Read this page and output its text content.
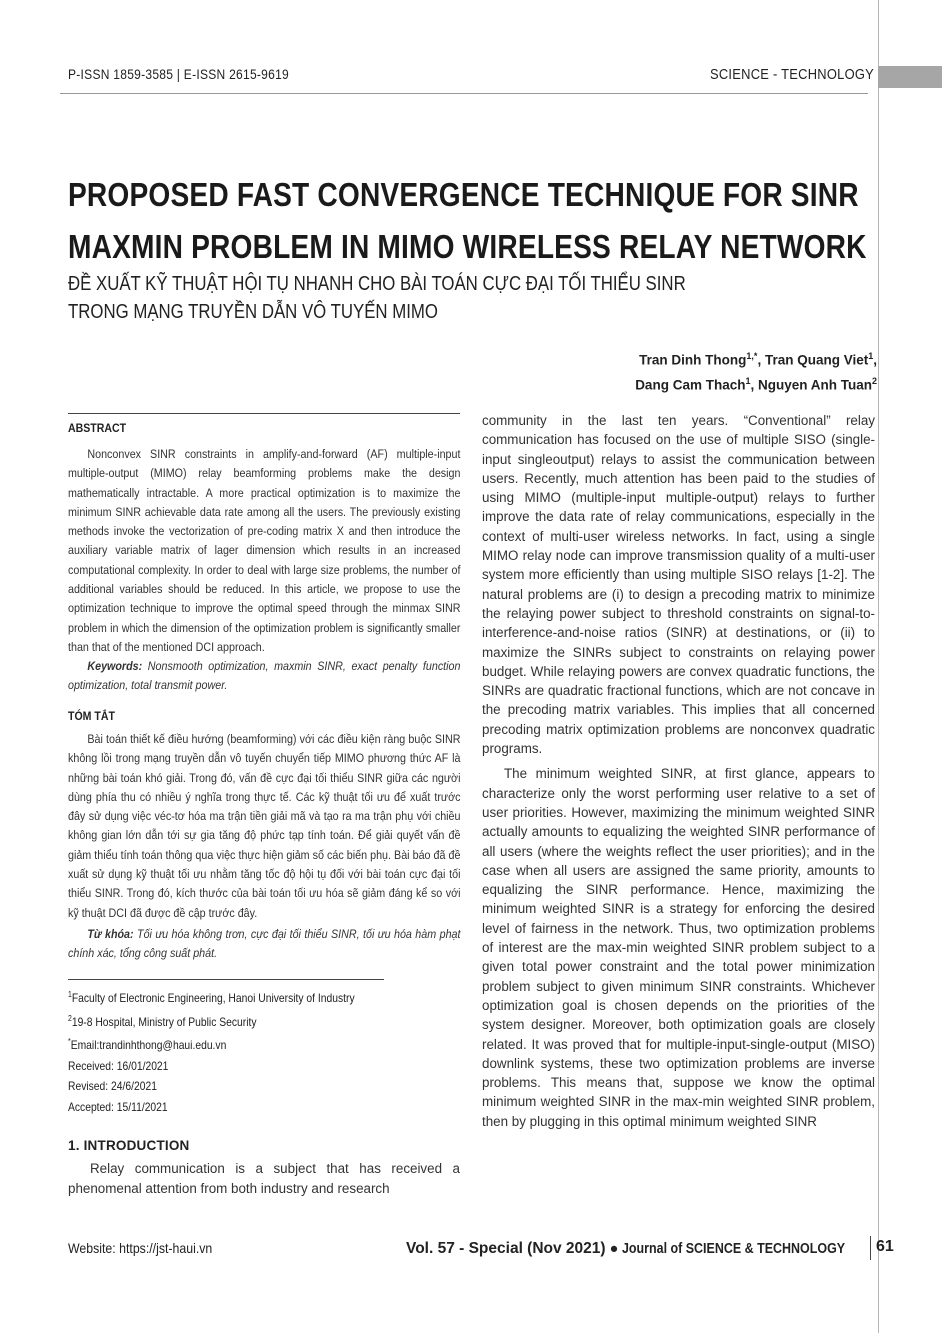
P-ISSN 1859-3585 | E-ISSN 2615-9619	SCIENCE - TECHNOLOGY
PROPOSED FAST CONVERGENCE TECHNIQUE FOR SINR
MAXMIN PROBLEM IN MIMO WIRELESS RELAY NETWORK
ĐỀ XUẤT KỸ THUẬT HỘI TỤ NHANH CHO BÀI TOÁN CỰC ĐẠI TỐI THIỂU SINR
TRONG MẠNG TRUYỀN DẪN VÔ TUYẾN MIMO
Tran Dinh Thong$^{1,*}$, Tran Quang Viet$^1$,
Dang Cam Thach$^1$, Nguyen Anh Tuan$^2$
ABSTRACT

Nonconvex SINR constraints in amplify-and-forward (AF) multiple-input multiple-output (MIMO) relay beamforming problems make the design mathematically intractable. A more practical optimization is to maximize the minimum SINR achievable data rate among all the users. The previously existing methods invoke the vectorization of pre-coding matrix X and then introduce the auxiliary variable matrix of lager dimension which results in an increased computational complexity. In order to deal with large size problems, the number of additional variables should be reduced. In this article, we propose to use the optimization technique to improve the optimal speed through the minmax SINR problem in which the dimension of the optimization problem is significantly smaller than that of the mentioned DCI approach.

Keywords: Nonsmooth optimization, maxmin SINR, exact penalty function optimization, total transmit power.
TÓM TẮT

Bài toán thiết kế điều hướng (beamforming) với các điều kiện ràng buộc SINR không lồi trong mạng truyền dẫn vô tuyến chuyển tiếp MIMO phương thức AF là những bài toán khó giải. Trong đó, vấn đề cực đại tối thiểu SINR giữa các người dùng phía thu có nhiều ý nghĩa trong thực tế. Các kỹ thuật tối ưu để xuất trước đây sử dụng việc véc-tơ hóa ma trận tiền giải mã và tạo ra ma trận phụ với chiều không gian lớn dẫn tới sự gia tăng độ phức tạp tính toán. Để giải quyết vấn đề giảm thiểu tính toán thông qua việc thực hiện giảm số các biến phụ. Bài báo đã đề xuất sử dụng kỹ thuật tối ưu nhằm tăng tốc độ hội tụ đối với bài toán cực đại tối thiểu SINR. Trong đó, kích thước của bài toán tối ưu hóa sẽ giảm đáng kể so với kỹ thuật DCI đã được đề cập trước đây.

Từ khóa: Tối ưu hóa không trơn, cực đại tối thiểu SINR, tối ưu hóa hàm phạt chính xác, tổng công suất phát.
$^1$Faculty of Electronic Engineering, Hanoi University of Industry
$^2$19-8 Hospital, Ministry of Public Security
*Email:trandinhthong@haui.edu.vn
Received: 16/01/2021
Revised: 24/6/2021
Accepted: 15/11/2021
1. INTRODUCTION
Relay communication is a subject that has received a phenomenal attention from both industry and research

community in the last ten years. “Conventional” relay communication has focused on the use of multiple SISO (single-input singleoutput) relays to assist the communication between users. Recently, much attention has been paid to the studies of using MIMO (multiple-input multiple-output) relays to further improve the data rate of relay communications, especially in the context of multi-user wireless networks. In fact, using a single MIMO relay node can improve transmission quality of a multi-user system more efficiently than using multiple SISO relays [1-2]. The natural problems are (i) to design a precoding matrix to minimize the relaying power subject to threshold constraints on signal-to-interference-and-noise ratios (SINR) at destinations, or (ii) to maximize the SINRs subject to constraints on relaying power budget. While relaying powers are convex quadratic functions, the SINRs are quadratic fractional functions, which are not concave in the precoding matrix variables. This implies that all concerned precoding matrix optimization problems are nonconvex quadratic programs.

The minimum weighted SINR, at first glance, appears to characterize only the worst performing user relative to a set of user priorities. However, maximizing the minimum weighted SINR actually amounts to equalizing the weighted SINR performance of all users (where the weights reflect the user priorities); and in the case when all users are assigned the same priority, amounts to equalizing the SINR performance. Hence, maximizing the minimum weighted SINR is a strategy for enforcing the desired level of fairness in the network. Thus, two optimization problems of interest are the max-min weighted SINR problem subject to a given total power constraint and the total power minimization problem subject to given minimum SINR constraints. Whichever optimization goal is chosen depends on the priorities of the system designer. Moreover, both optimization goals are closely related. It was proved that for multiple-input-single-output (MISO) downlink systems, these two optimization problems are inverse problems. This means that, suppose we know the optimal minimum weighted SINR in the max-min weighted SINR problem, then by plugging in this optimal minimum weighted SINR

Website: https://jst-haui.vn	Vol. 57 - Special (Nov 2021) ● Journal of SCIENCE & TECHNOLOGY	61
